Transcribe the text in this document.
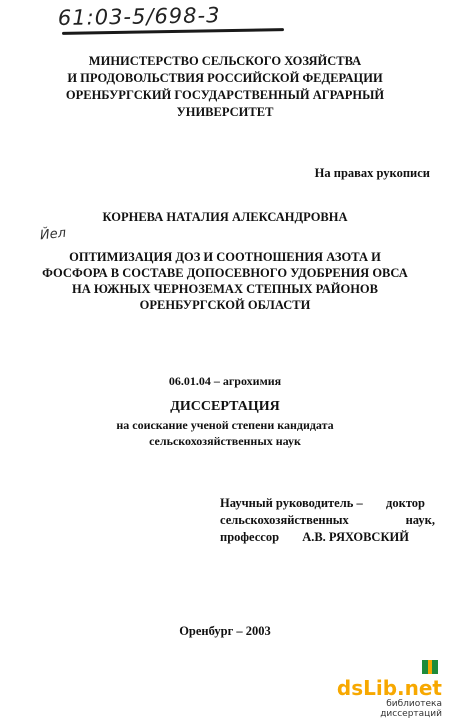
61:03-5/698-3
МИНИСТЕРСТВО СЕЛЬСКОГО ХОЗЯЙСТВА
И ПРОДОВОЛЬСТВИЯ РОССИЙСКОЙ ФЕДЕРАЦИИ
ОРЕНБУРГСКИЙ ГОСУДАРСТВЕННЫЙ АГРАРНЫЙ
УНИВЕРСИТЕТ
На правах рукописи
Йел
КОРНЕВА НАТАЛИЯ АЛЕКСАНДРОВНА
ОПТИМИЗАЦИЯ ДОЗ И СООТНОШЕНИЯ АЗОТА И
ФОСФОРА В СОСТАВЕ ДОПОСЕВНОГО УДОБРЕНИЯ ОВСА
НА ЮЖНЫХ ЧЕРНОЗЕМАХ СТЕПНЫХ РАЙОНОВ
ОРЕНБУРГСКОЙ ОБЛАСТИ
06.01.04 – агрохимия
ДИССЕРТАЦИЯ
на соискание ученой степени кандидата
сельскохозяйственных наук
Научный руководитель – доктор
сельскохозяйственных	наук,
профессор А.В. РЯХОВСКИЙ
Оренбург – 2003
dsLib.net
библиотека диссертаций
